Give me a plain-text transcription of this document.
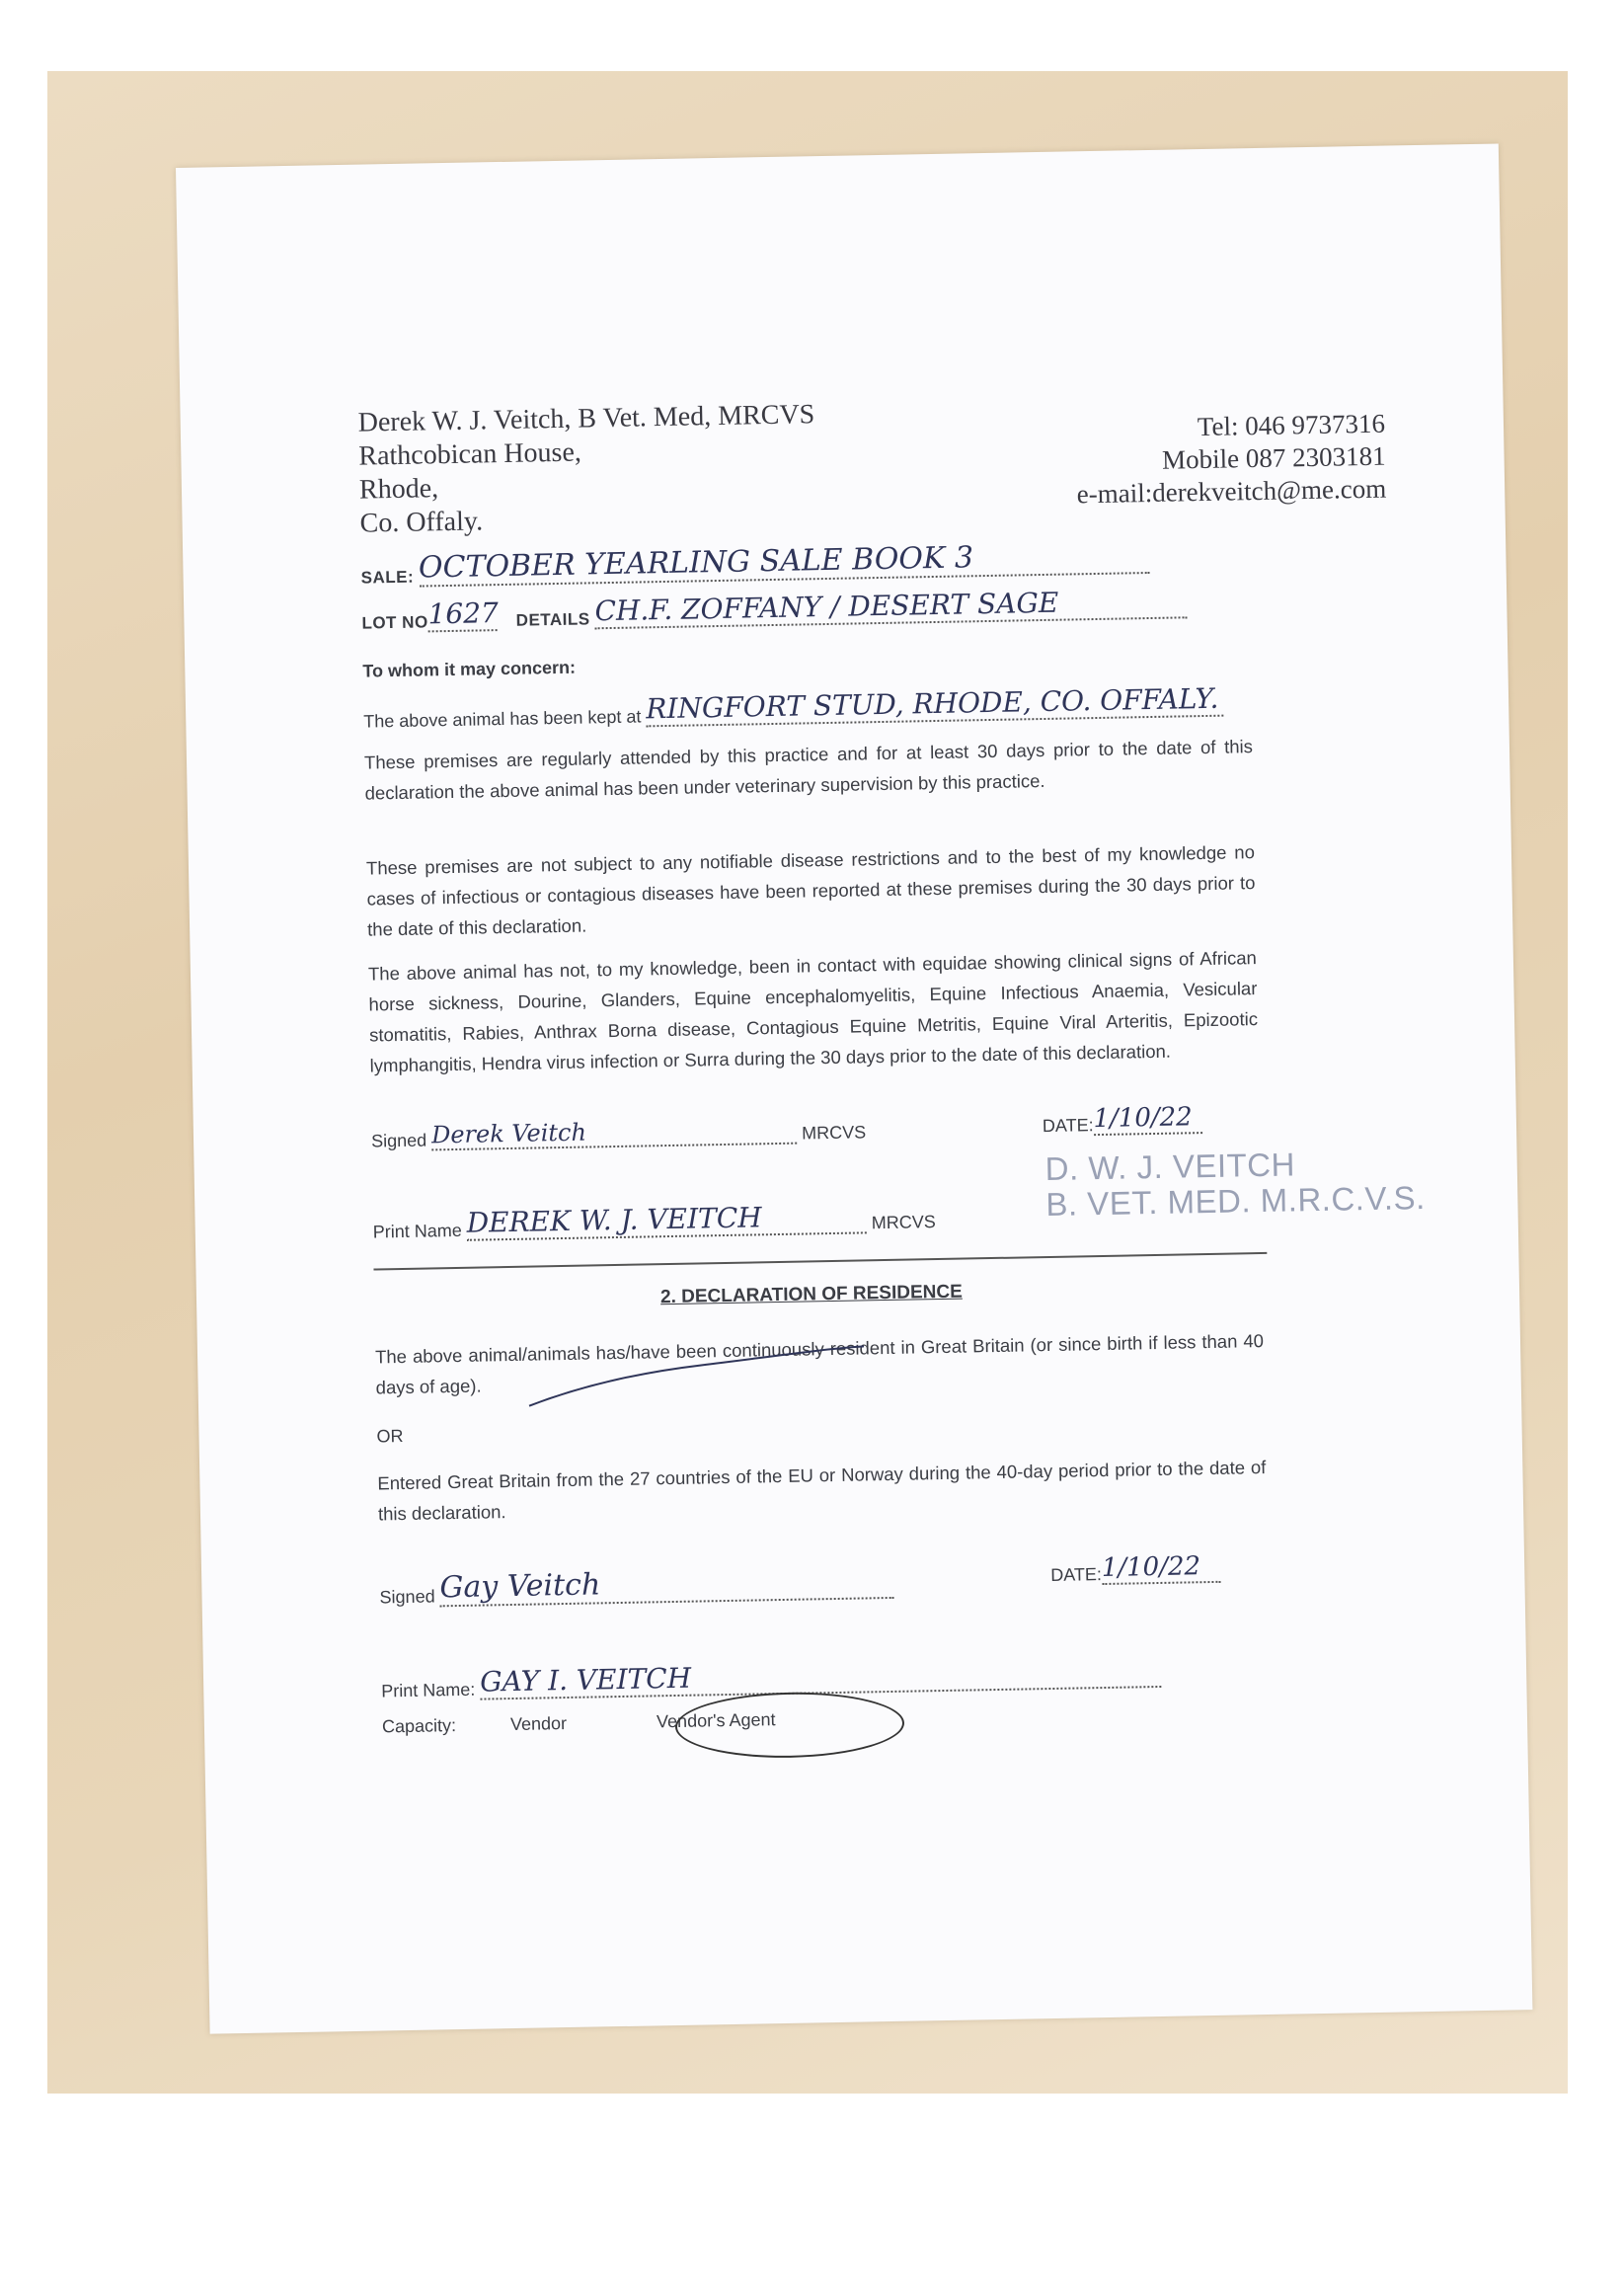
Derek W. J. Veitch, B Vet. Med, MRCVS
Rathcobican House,
Rhode,
Co. Offaly.
Tel: 046 9737316
Mobile 087 2303181
e-mail:derekveitch@me.com
SALE: OCTOBER YEARLING SALE BOOK 3
LOT NO1627 DETAILS CH.F. ZOFFANY / DESERT SAGE
To whom it may concern:
The above animal has been kept at RINGFORT STUD, RHODE, CO. OFFALY.
These premises are regularly attended by this practice and for at least 30 days prior to the date of this declaration the above animal has been under veterinary supervision by this practice.
These premises are not subject to any notifiable disease restrictions and to the best of my knowledge no cases of infectious or contagious diseases have been reported at these premises during the 30 days prior to the date of this declaration.
The above animal has not, to my knowledge, been in contact with equidae showing clinical signs of African horse sickness, Dourine, Glanders, Equine encephalomyelitis, Equine Infectious Anaemia, Vesicular stomatitis, Rabies, Anthrax Borna disease, Contagious Equine Metritis, Equine Viral Arteritis, Epizootic lymphangitis, Hendra virus infection or Surra during the 30 days prior to the date of this declaration.
Signed Derek Veitch	MRCVS	DATE:1/10/22
Print Name DEREK W. J. VEITCH	MRCVS
D. W. J. VEITCH
B. VET. MED. M.R.C.V.S.
2. DECLARATION OF RESIDENCE
The above animal/animals has/have been continuously resident in Great Britain (or since birth if less than 40 days of age).
OR
Entered Great Britain from the 27 countries of the EU or Norway during the 40-day period prior to the date of this declaration.
Signed Gay Veitch	DATE:1/10/22
Print Name: GAY I. VEITCH
Capacity:	Vendor	Vendor's Agent
